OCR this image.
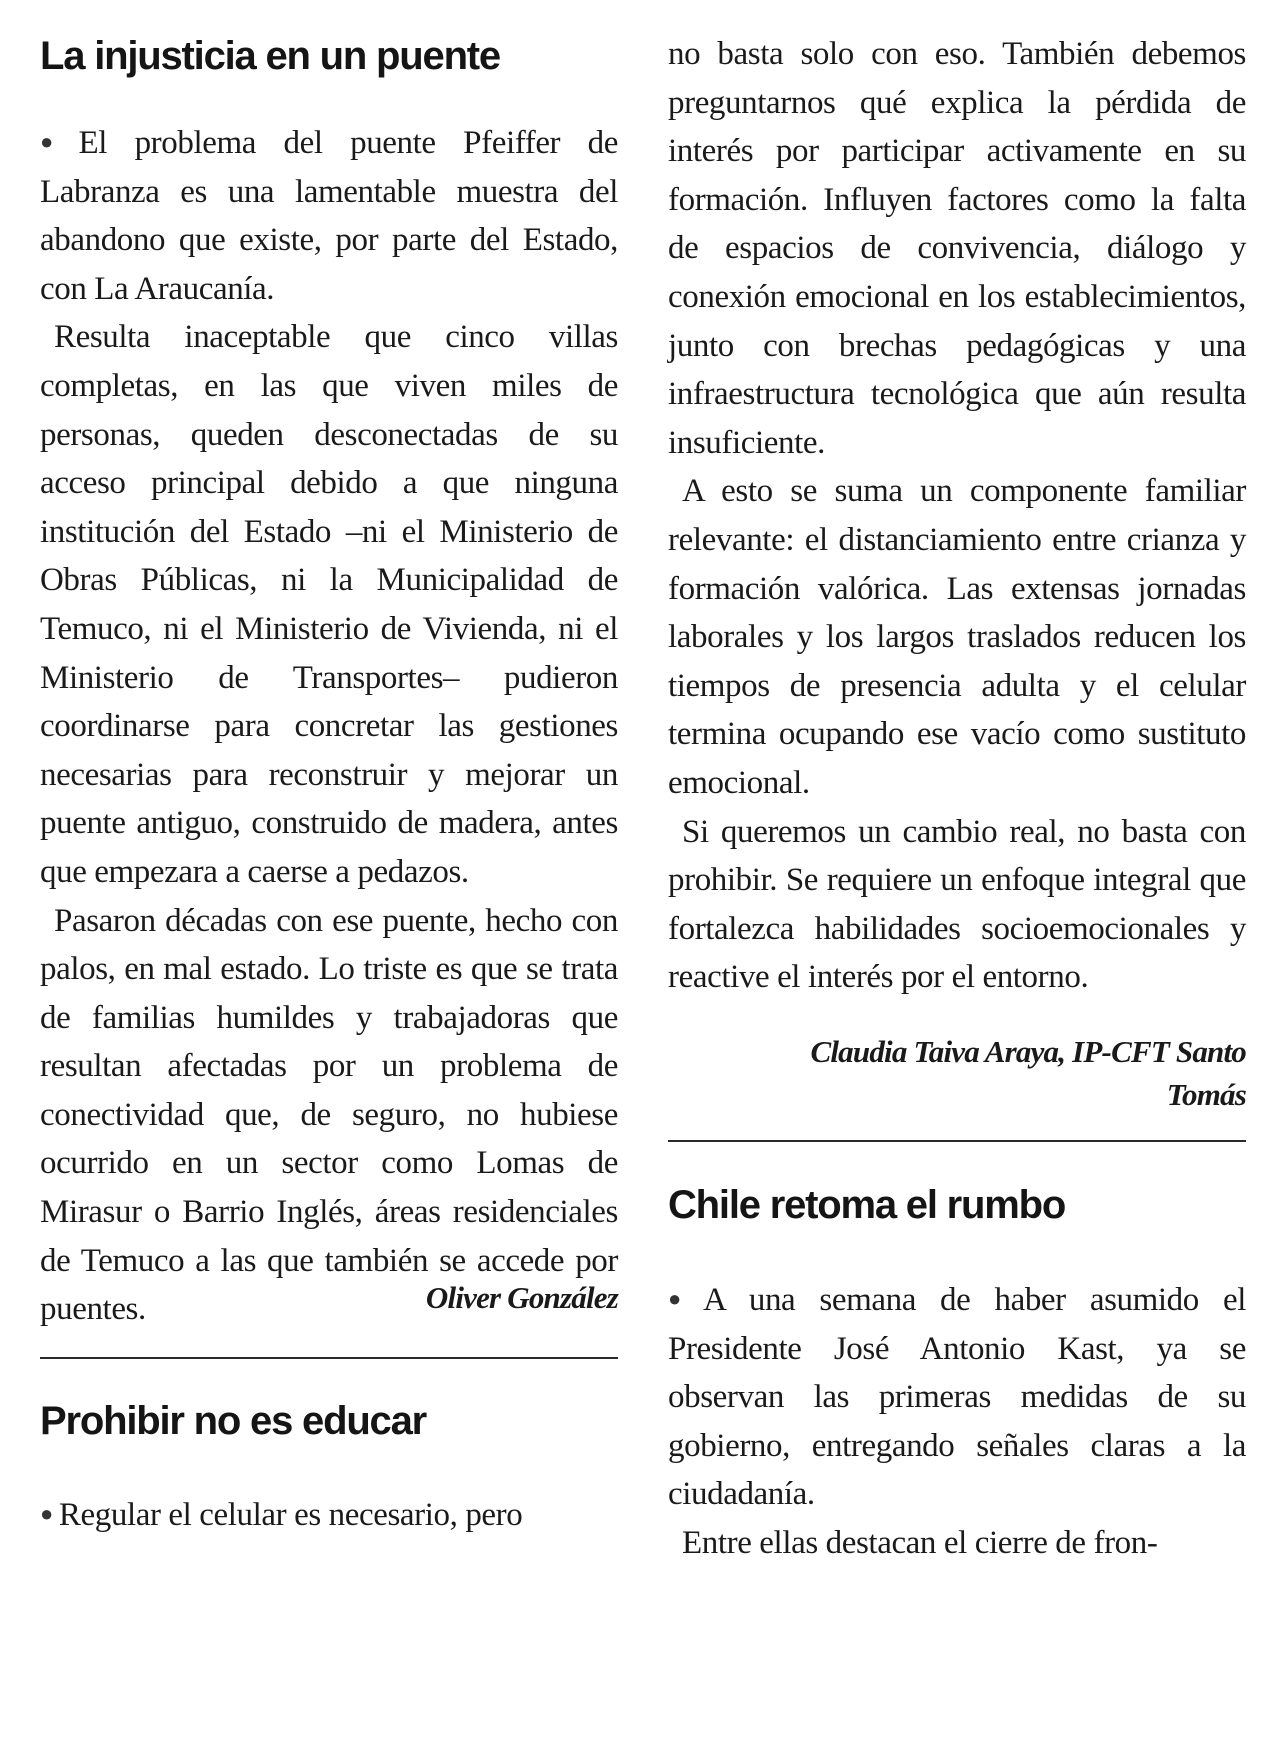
La injusticia en un puente

● El problema del puente Pfeiffer de Labranza es una lamentable muestra del abandono que existe, por parte del Estado, con La Araucanía.

Resulta inaceptable que cinco villas completas, en las que viven miles de personas, queden desconectadas de su acceso principal debido a que ninguna institución del Estado –ni el Ministerio de Obras Públicas, ni la Municipalidad de Temuco, ni el Ministerio de Vivienda, ni el Ministerio de Transportes– pudieron coordinarse para concretar las gestiones necesarias para reconstruir y mejorar un puente antiguo, construido de madera, antes que empezara a caerse a pedazos.

Pasaron décadas con ese puente, hecho con palos, en mal estado. Lo triste es que se trata de familias humildes y trabajadoras que resultan afectadas por un problema de conectividad que, de seguro, no hubiese ocurrido en un sector como Lomas de Mirasur o Barrio Inglés, áreas residenciales de Temuco a las que también se accede por puentes.	Oliver González

Prohibir no es educar

● Regular el celular es necesario, pero

no basta solo con eso. También debemos preguntarnos qué explica la pérdida de interés por participar activamente en su formación. Influyen factores como la falta de espacios de convivencia, diálogo y conexión emocional en los establecimientos, junto con brechas pedagógicas y una infraestructura tecnológica que aún resulta insuficiente.

A esto se suma un componente familiar relevante: el distanciamiento entre crianza y formación valórica. Las extensas jornadas laborales y los largos traslados reducen los tiempos de presencia adulta y el celular termina ocupando ese vacío como sustituto emocional.

Si queremos un cambio real, no basta con prohibir. Se requiere un enfoque integral que fortalezca habilidades socioemocionales y reactive el interés por el entorno.

Claudia Taiva Araya, IP-CFT Santo

Tomás

Chile retoma el rumbo

● A una semana de haber asumido el Presidente José Antonio Kast, ya se observan las primeras medidas de su gobierno, entregando señales claras a la ciudadanía.

Entre ellas destacan el cierre de fron-
